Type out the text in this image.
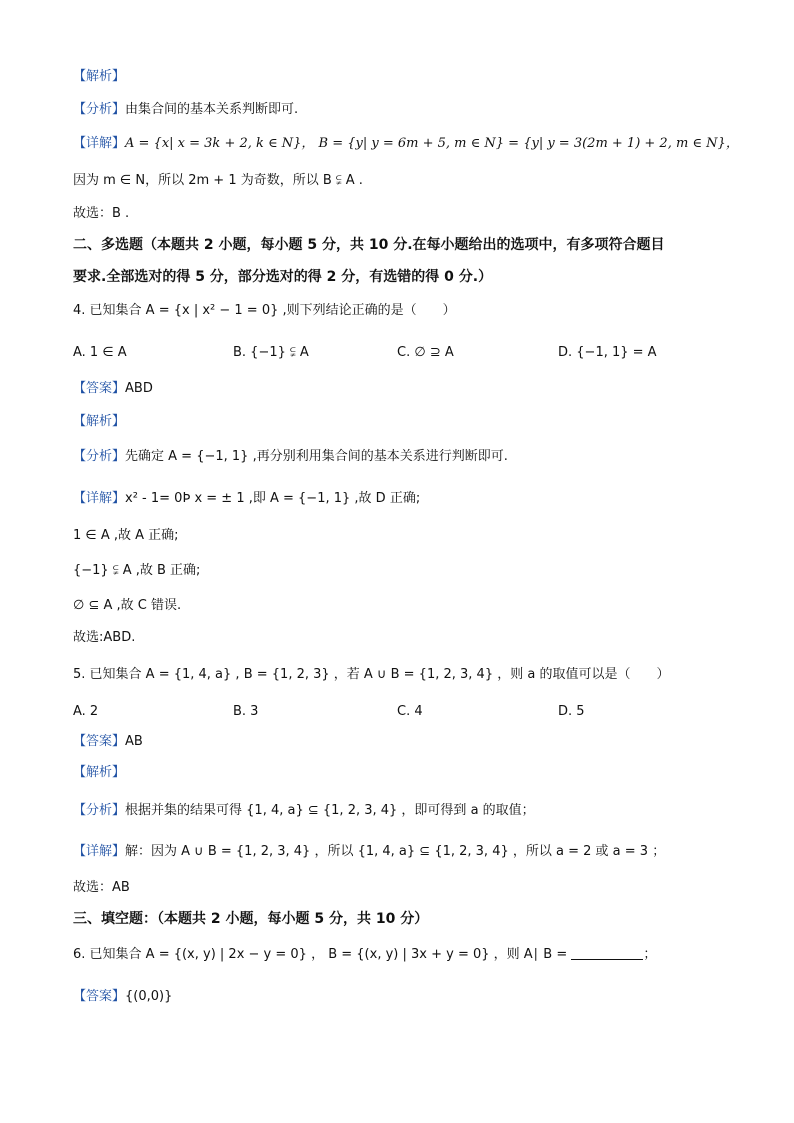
【解析】
【分析】由集合间的基本关系判断即可.
【详解】A = {x| x = 3k + 2, k ∈ N}， B = {y| y = 6m + 5, m ∈ N} = {y| y = 3(2m + 1) + 2, m ∈ N}，
因为 m ∈ N，所以 2m + 1 为奇数，所以 B ⫋ A .
故选：B .
二、多选题（本题共 2 小题，每小题 5 分，共 10 分.在每小题给出的选项中，有多项符合题目
要求.全部选对的得 5 分，部分选对的得 2 分，有选错的得 0 分.）
4. 已知集合 A = {x | x² − 1 = 0} ,则下列结论正确的是（　　）
A. 1 ∈ A	B. {−1} ⫋ A	C. ∅ ⊇ A	D. {−1, 1} = A
【答案】ABD
【解析】
【分析】先确定 A = {−1, 1} ,再分别利用集合间的基本关系进行判断即可.
【详解】x² - 1= 0Þ x = ± 1 ,即 A = {−1, 1} ,故 D 正确;
1 ∈ A ,故 A 正确;
{−1} ⫋ A ,故 B 正确;
∅ ⊆ A ,故 C 错误.
故选:ABD.
5. 已知集合 A = {1, 4, a} , B = {1, 2, 3} ，若 A ∪ B = {1, 2, 3, 4} ，则 a 的取值可以是（　　）
A. 2	B. 3	C. 4	D. 5
【答案】AB
【解析】
【分析】根据并集的结果可得 {1, 4, a} ⊆ {1, 2, 3, 4} ，即可得到 a 的取值；
【详解】解：因为 A ∪ B = {1, 2, 3, 4} ，所以 {1, 4, a} ⊆ {1, 2, 3, 4} ，所以 a = 2 或 a = 3 ；
故选：AB
三、填空题：（本题共 2 小题，每小题 5 分，共 10 分）
6. 已知集合 A = {(x, y) | 2x − y = 0} ， B = {(x, y) | 3x + y = 0} ，则 A∣ B =	；
【答案】{(0,0)}
